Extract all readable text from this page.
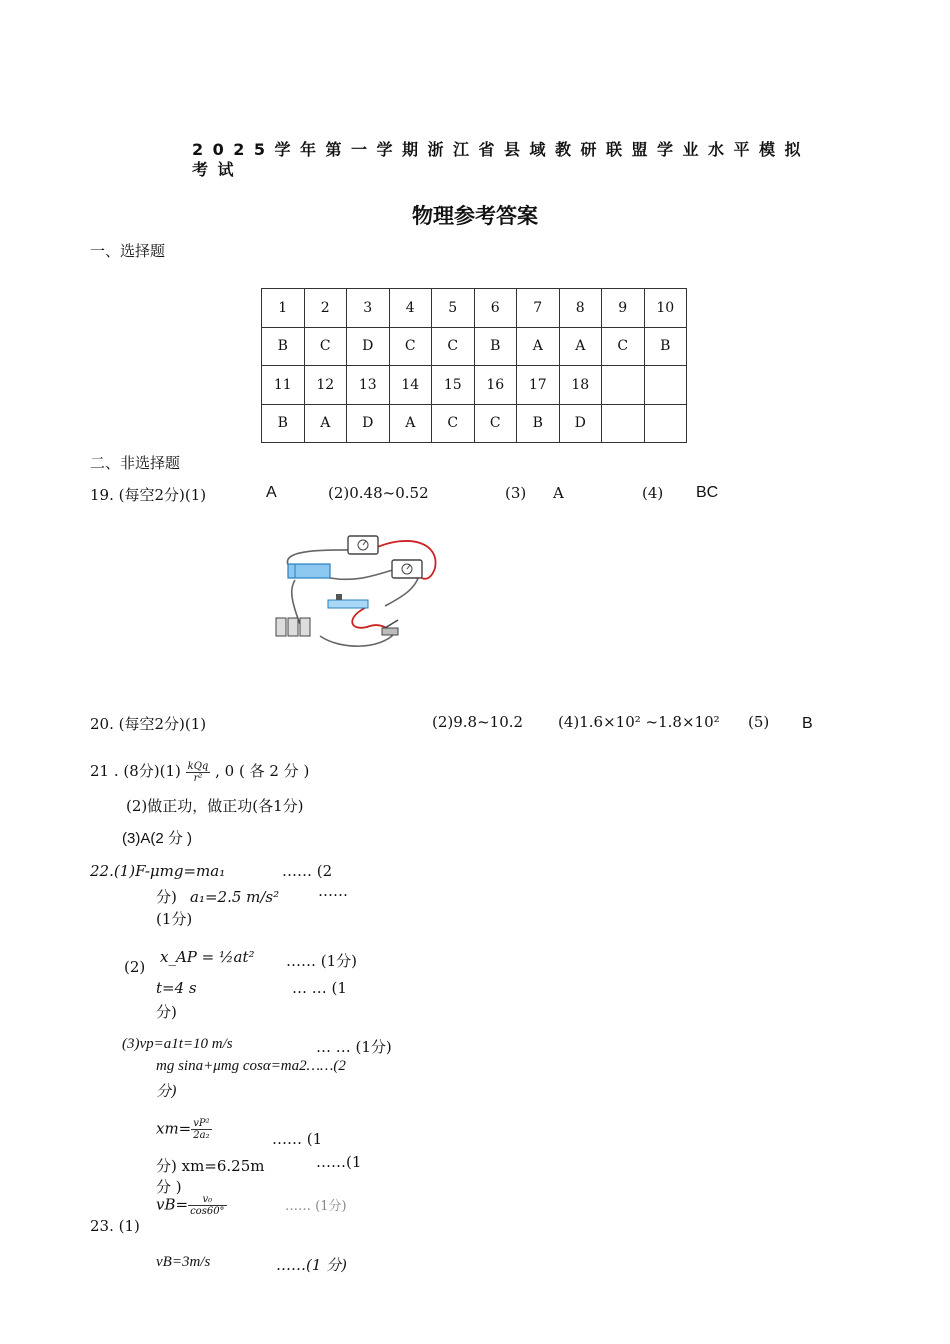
2025学年第一学期浙江省县域教研联盟学业水平模拟考试
物理参考答案
一、选择题
1	2	3	4	5	6	7	8	9	10
B	C	D	C	C	B	A	A	C	B
11	12	13	14	15	16	17	18		
B	A	D	A	C	C	B	D		
二、非选择题
19. (每空2分)(1)	A	(2)0.48~0.52	(3) A	(4) BC
20. (每空2分)(1)	(2)9.8~10.2 (4)1.6×10² ~1.8×10² (5) B
21 . (8分)$(1) \frac{\text{kQq}}{\text{r²}}$ , 0 ( 各 2 分 )
(2)做正功，做正功(各1分)
(3)A(2 分 )
22.(1)F-μmg=ma₁	…… (2
分) a₁=2.5 m/s²	……
(1分)
(2)
x_AP = ½at² …… (1分)
t=4 s	… … (1
分)
(3)vp=a1t=10 m/s	… … (1分)
mg sina+μmg cosα=ma2……(2
分)
$xm= \frac{\text{vP²}}{\text{2a₂}}$	…… (1
分) xm=6.25m	……(1
分 )
$vB= \frac{\text{v₀}}{\cos 60^\circ}$	…… (1分)
23. (1)
vB=3m/s	……(1 分)
